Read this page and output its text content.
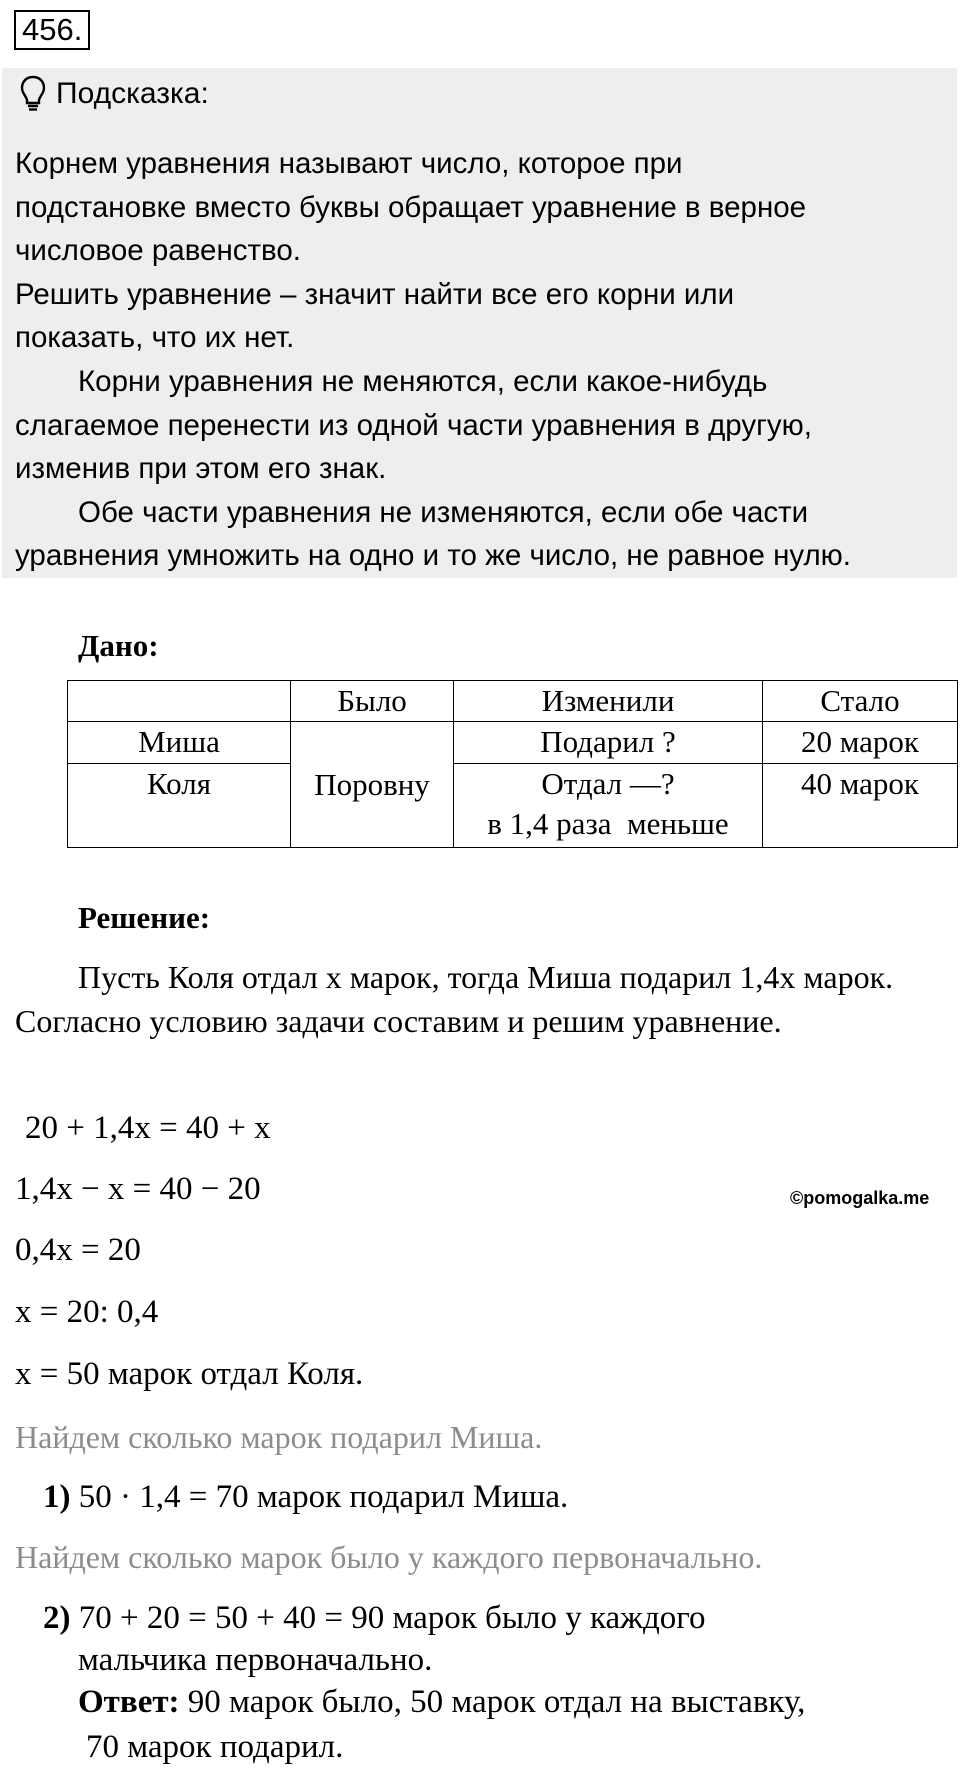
456.
Подсказка:
Корнем уравнения называют число, которое при
подстановке вместо буквы обращает уравнение в верное
числовое равенство.
Решить уравнение – значит найти все его корни или
показать, что их нет.
Корни уравнения не меняются, если какое-нибудь
слагаемое перенести из одной части уравнения в другую,
изменив при этом его знак.
Обе части уравнения не изменяются, если обе части
уравнения умножить на одно и то же число, не равное нулю.
Дано:
	Было	Изменили	Стало
Миша	Поровну	Подарил ?	20 марок
Коля		Отдал —?
в 1,4 раза  меньше	40 марок
Решение:
Пусть Коля отдал x марок, тогда Миша подарил 1,4x марок. Согласно условию задачи составим и решим уравнение.
20 + 1,4x = 40 + x
1,4x − x = 40 − 20
0,4x = 20
x = 20: 0,4
x = 50 марок отдал Коля.
©pomogalka.me
Найдем сколько марок подарил Миша.
1) 50 · 1,4 = 70 марок подарил Миша.
Найдем сколько марок было у каждого первоначально.
2) 70 + 20 = 50 + 40 = 90 марок было у каждого
мальчика первоначально.
Ответ: 90 марок было, 50 марок отдал на выставку,
70 марок подарил.
